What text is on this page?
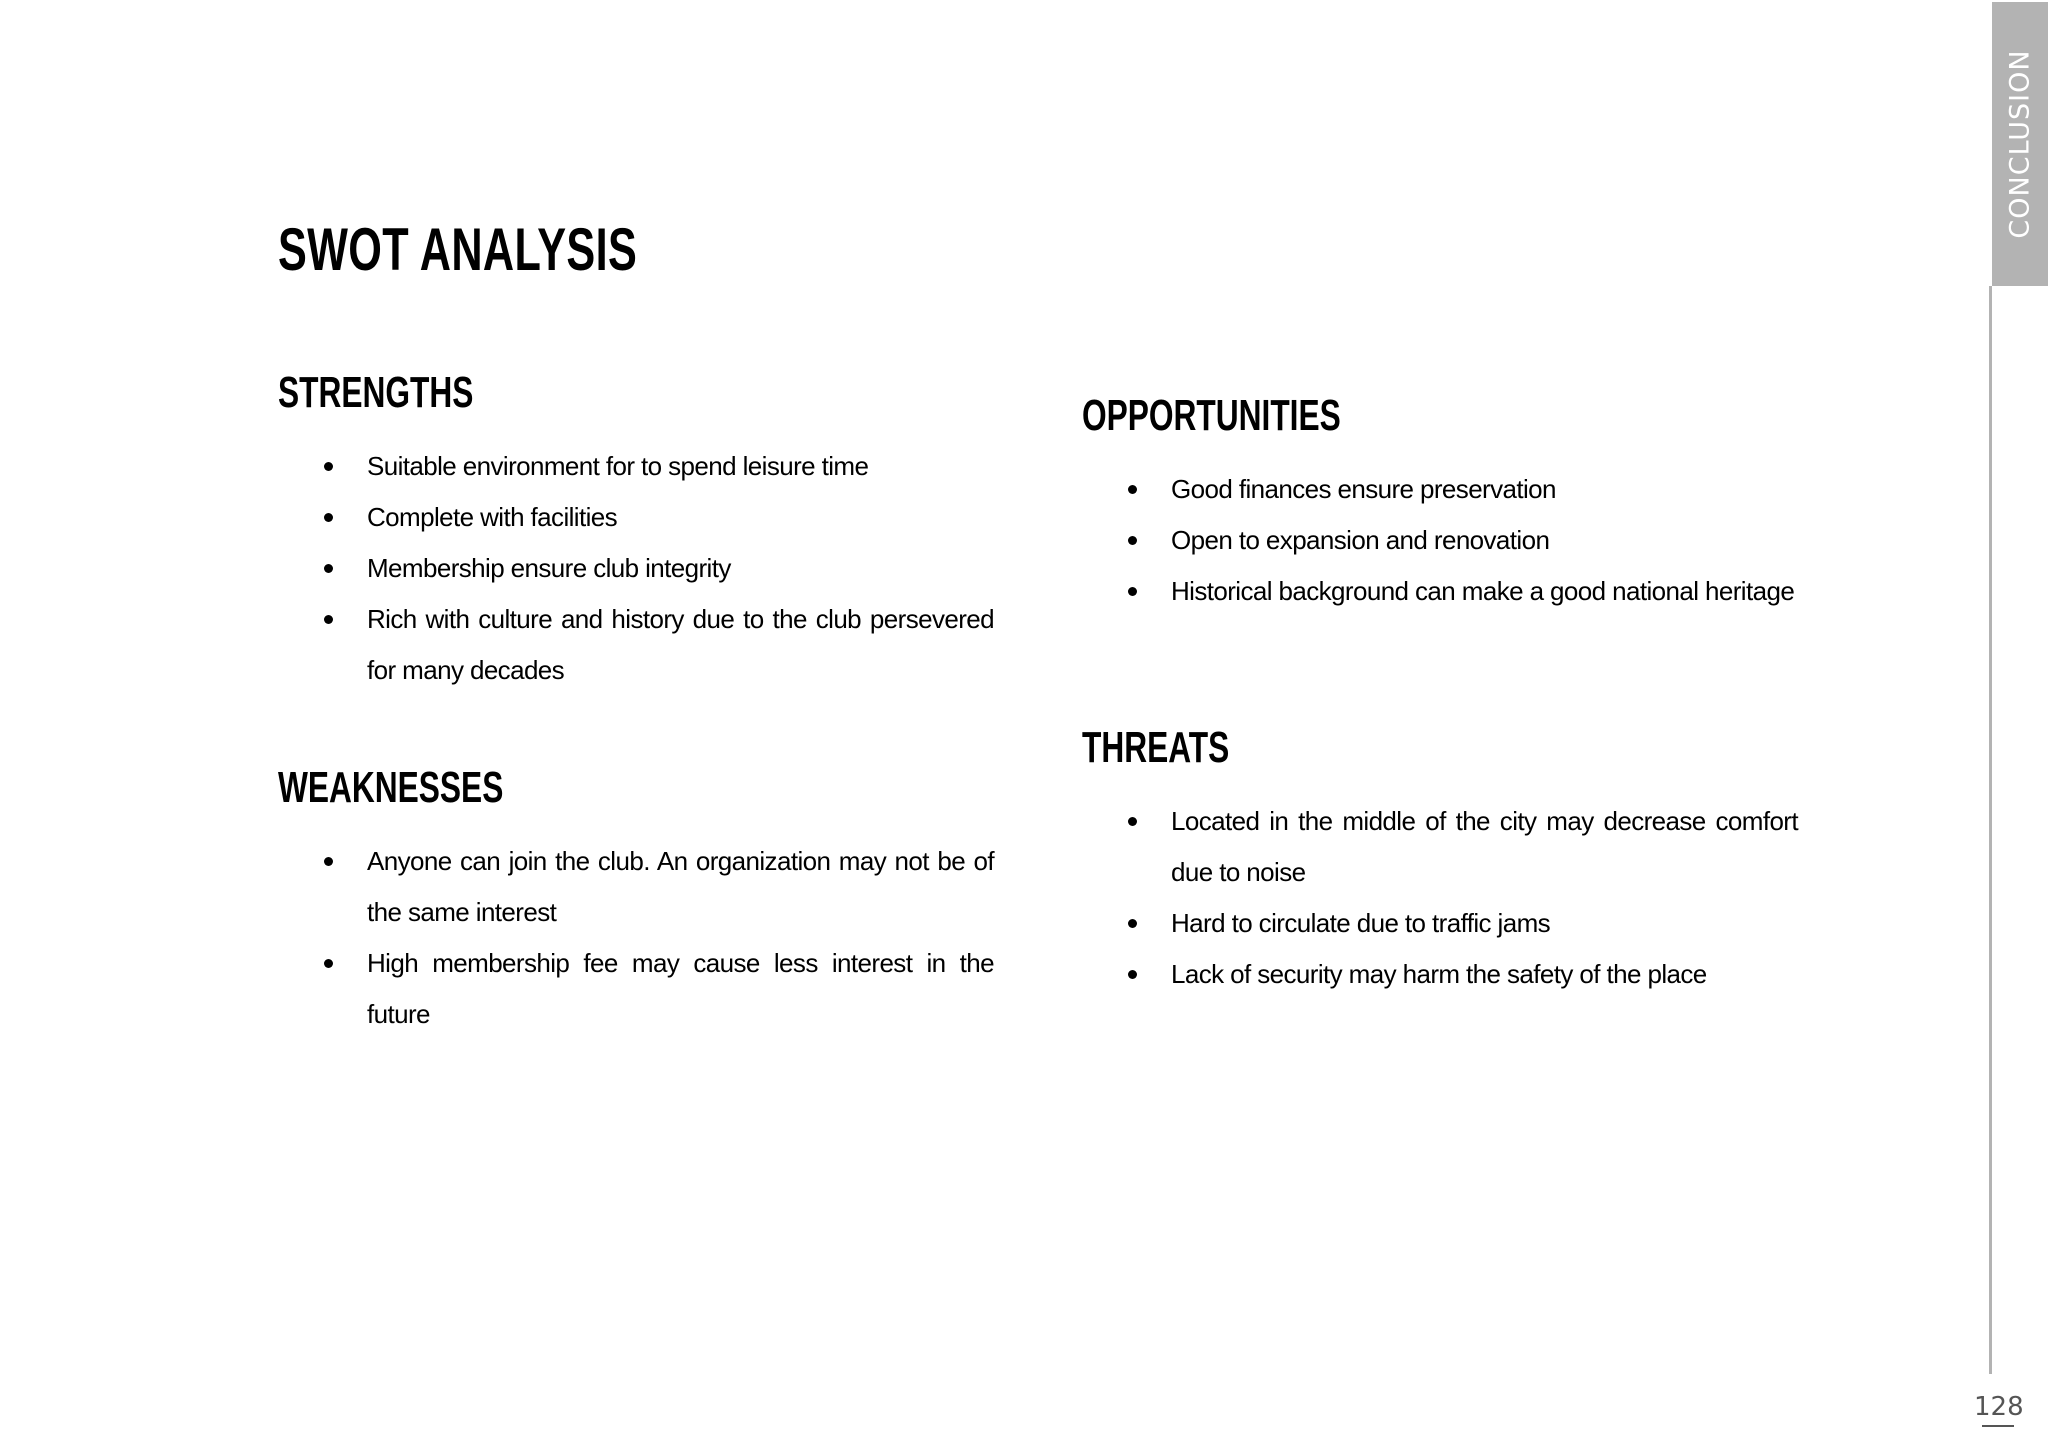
SWOT ANALYSIS
STRENGTHS
Suitable environment for to spend leisure time
Complete with facilities
Membership ensure club integrity
Rich with culture and history due to the club persevered for many decades
WEAKNESSES
Anyone can join the club. An organization may not be of the same interest
High membership fee may cause less interest in the future
OPPORTUNITIES
Good finances ensure preservation
Open to expansion and renovation
Historical background can make a good national heritage
THREATS
Located in the middle of the city may decrease comfort due to noise
Hard to circulate due to traffic jams
Lack of security may harm the safety of the place
CONCLUSION
128
